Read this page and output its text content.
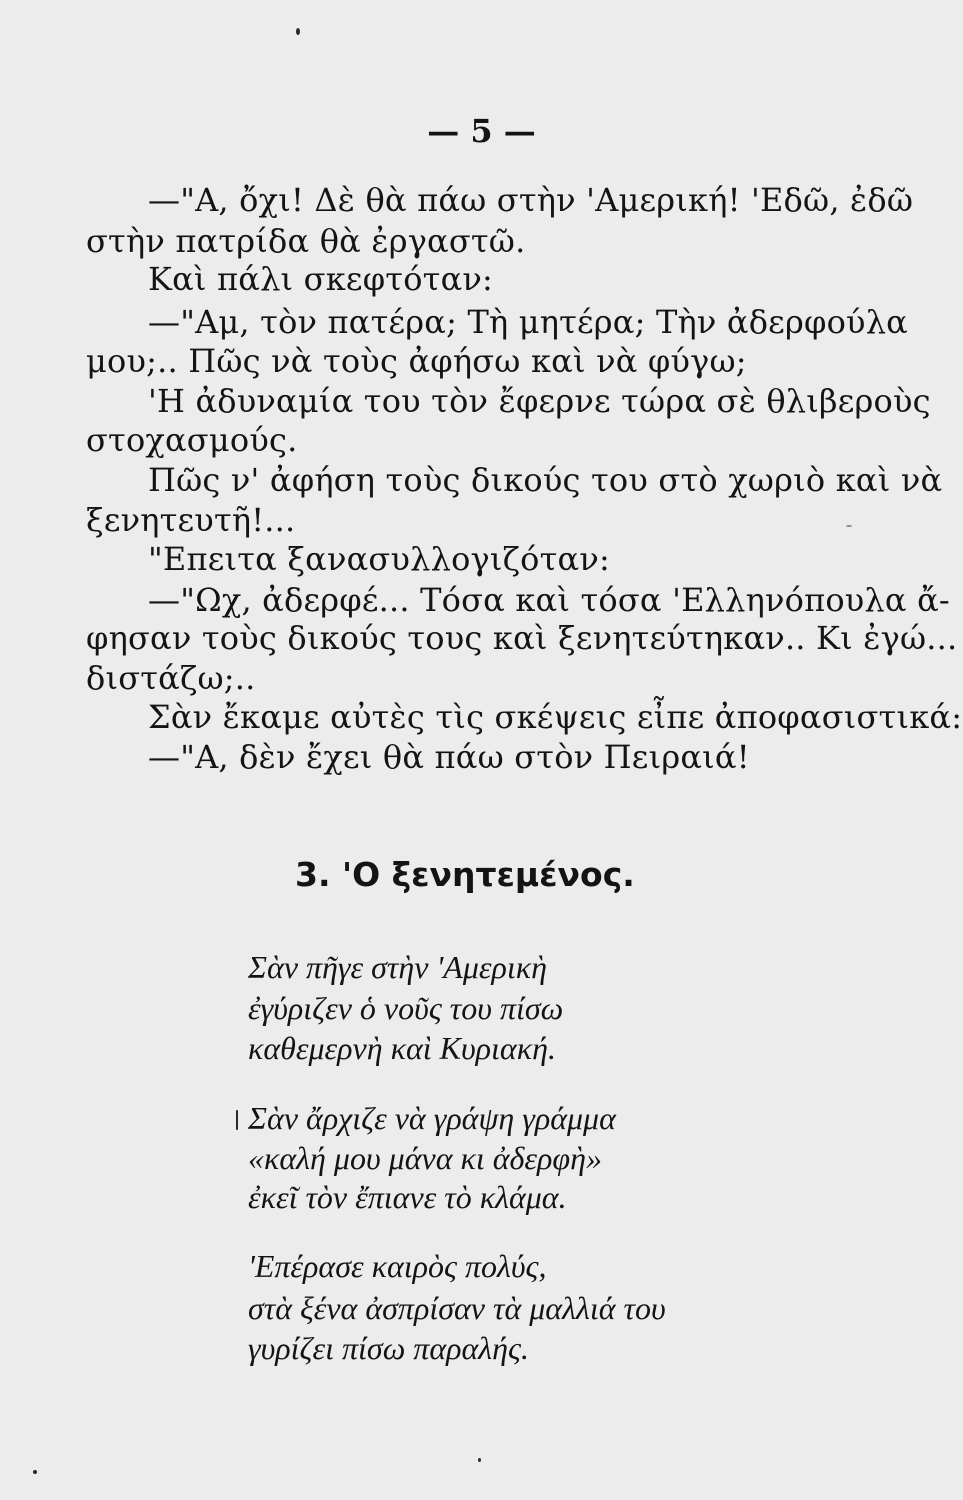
— 5 —
—"Α, ὄχι! Δὲ θὰ πάω στὴν 'Αμερική! 'Εδῶ, ἐδῶ
στὴν πατρίδα θὰ ἐργαστῶ.
Καὶ πάλι σκεφτόταν:
—"Αμ, τὸν πατέρα; Τὴ μητέρα; Τὴν ἀδερφούλα
μου;.. Πῶς νὰ τοὺς ἀφήσω καὶ νὰ φύγω;
'Η ἀδυναμία του τὸν ἔφερνε τώρα σὲ θλιβεροὺς
στοχασμούς.
Πῶς ν' ἀφήση τοὺς δικούς του στὸ χωριὸ καὶ νὰ
ξενητευτῆ!...
"Επειτα ξανασυλλογιζόταν:
—"Ωχ, ἀδερφέ... Τόσα καὶ τόσα 'Ελληνόπουλα ἄ-
φησαν τοὺς δικούς τους καὶ ξενητεύτηκαν.. Κι ἐγώ...
διστάζω;..
Σὰν ἔκαμε αὐτὲς τὶς σκέψεις εἶπε ἀποφασιστικά:
—"Α, δὲν ἔχει θὰ πάω στὸν Πειραιά!
3. 'Ο ξενητεμένος.
Σὰν πῆγε στὴν 'Αμερικὴ
ἐγύριζεν ὁ νοῦς του πίσω
καθεμερνὴ καὶ Κυριακή.
Σὰν ἄρχιζε νὰ γράψη γράμμα
«καλή μου μάνα κι ἀδερφὴ»
ἐκεῖ τὸν ἔπιανε τὸ κλάμα.
'Επέρασε καιρὸς πολύς,
στὰ ξένα ἀσπρίσαν τὰ μαλλιά του
γυρίζει πίσω παραλής.
